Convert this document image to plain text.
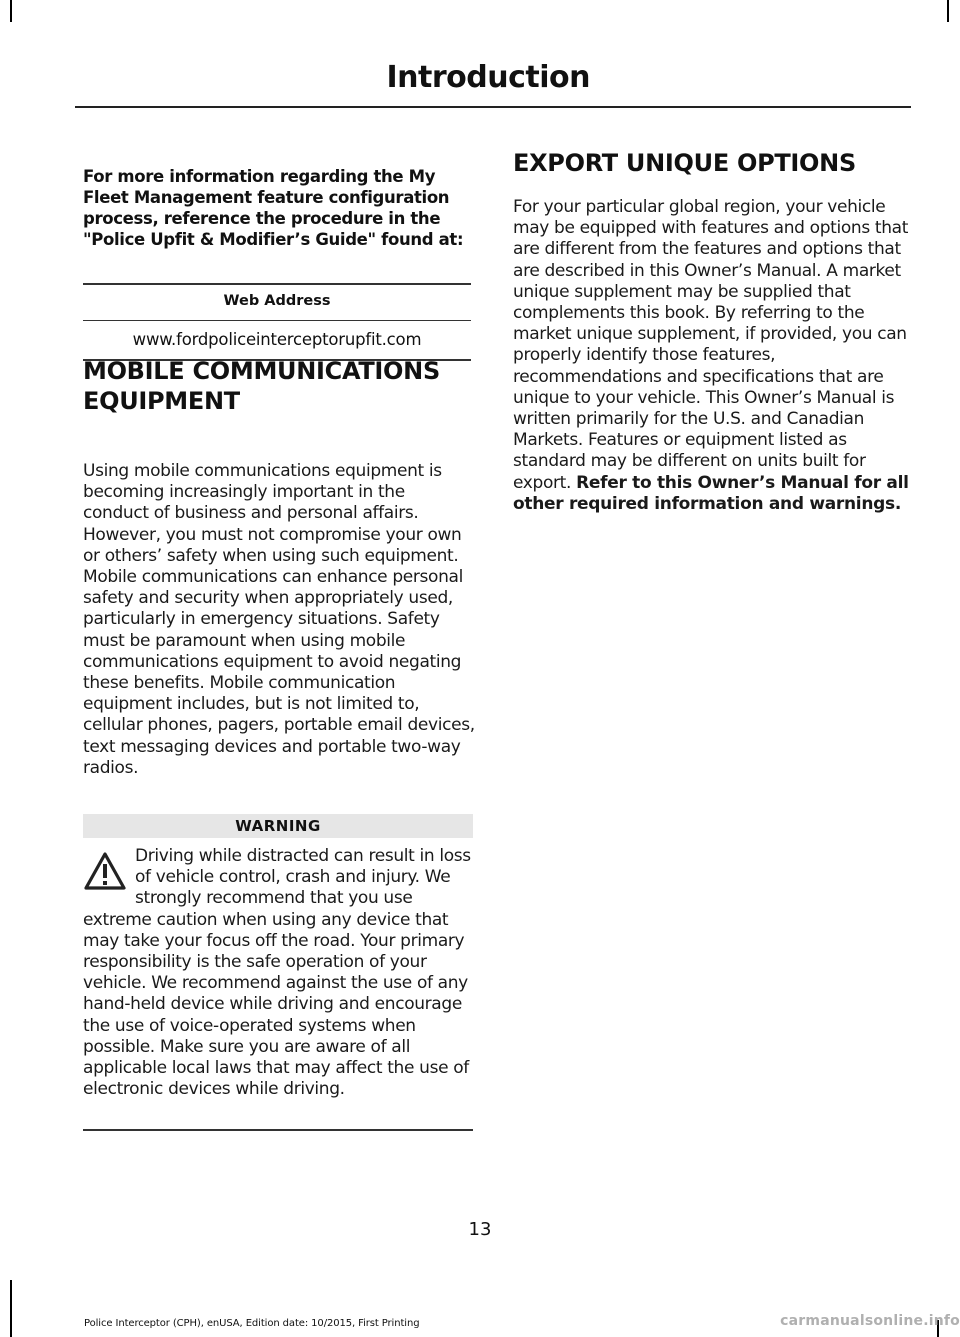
Introduction

For more information regarding the My Fleet Management feature configuration process, reference the procedure in the "Police Upfit & Modifier’s Guide" found at:

Web Address
www.fordpoliceinterceptorupfit.com
MOBILE COMMUNICATIONS EQUIPMENT

Using mobile communications equipment is becoming increasingly important in the conduct of business and personal affairs. However, you must not compromise your own or others’ safety when using such equipment. Mobile communications can enhance personal safety and security when appropriately used, particularly in emergency situations. Safety must be paramount when using mobile communications equipment to avoid negating these benefits. Mobile communication equipment includes, but is not limited to, cellular phones, pagers, portable email devices, text messaging devices and portable two-way radios.

WARNING
Driving while distracted can result in loss of vehicle control, crash and injury. We strongly recommend that you use extreme caution when using any device that may take your focus off the road. Your primary responsibility is the safe operation of your vehicle. We recommend against the use of any hand-held device while driving and encourage the use of voice-operated systems when possible. Make sure you are aware of all applicable local laws that may affect the use of electronic devices while driving.
EXPORT UNIQUE OPTIONS

For your particular global region, your vehicle may be equipped with features and options that are different from the features and options that are described in this Owner’s Manual. A market unique supplement may be supplied that complements this book. By referring to the market unique supplement, if provided, you can properly identify those features, recommendations and specifications that are unique to your vehicle. This Owner’s Manual is written primarily for the U.S. and Canadian Markets. Features or equipment listed as standard may be different on units built for export. Refer to this Owner’s Manual for all other required information and warnings.

13

Police Interceptor (CPH), enUSA, Edition date: 10/2015, First Printing	carmanualsonline.info
